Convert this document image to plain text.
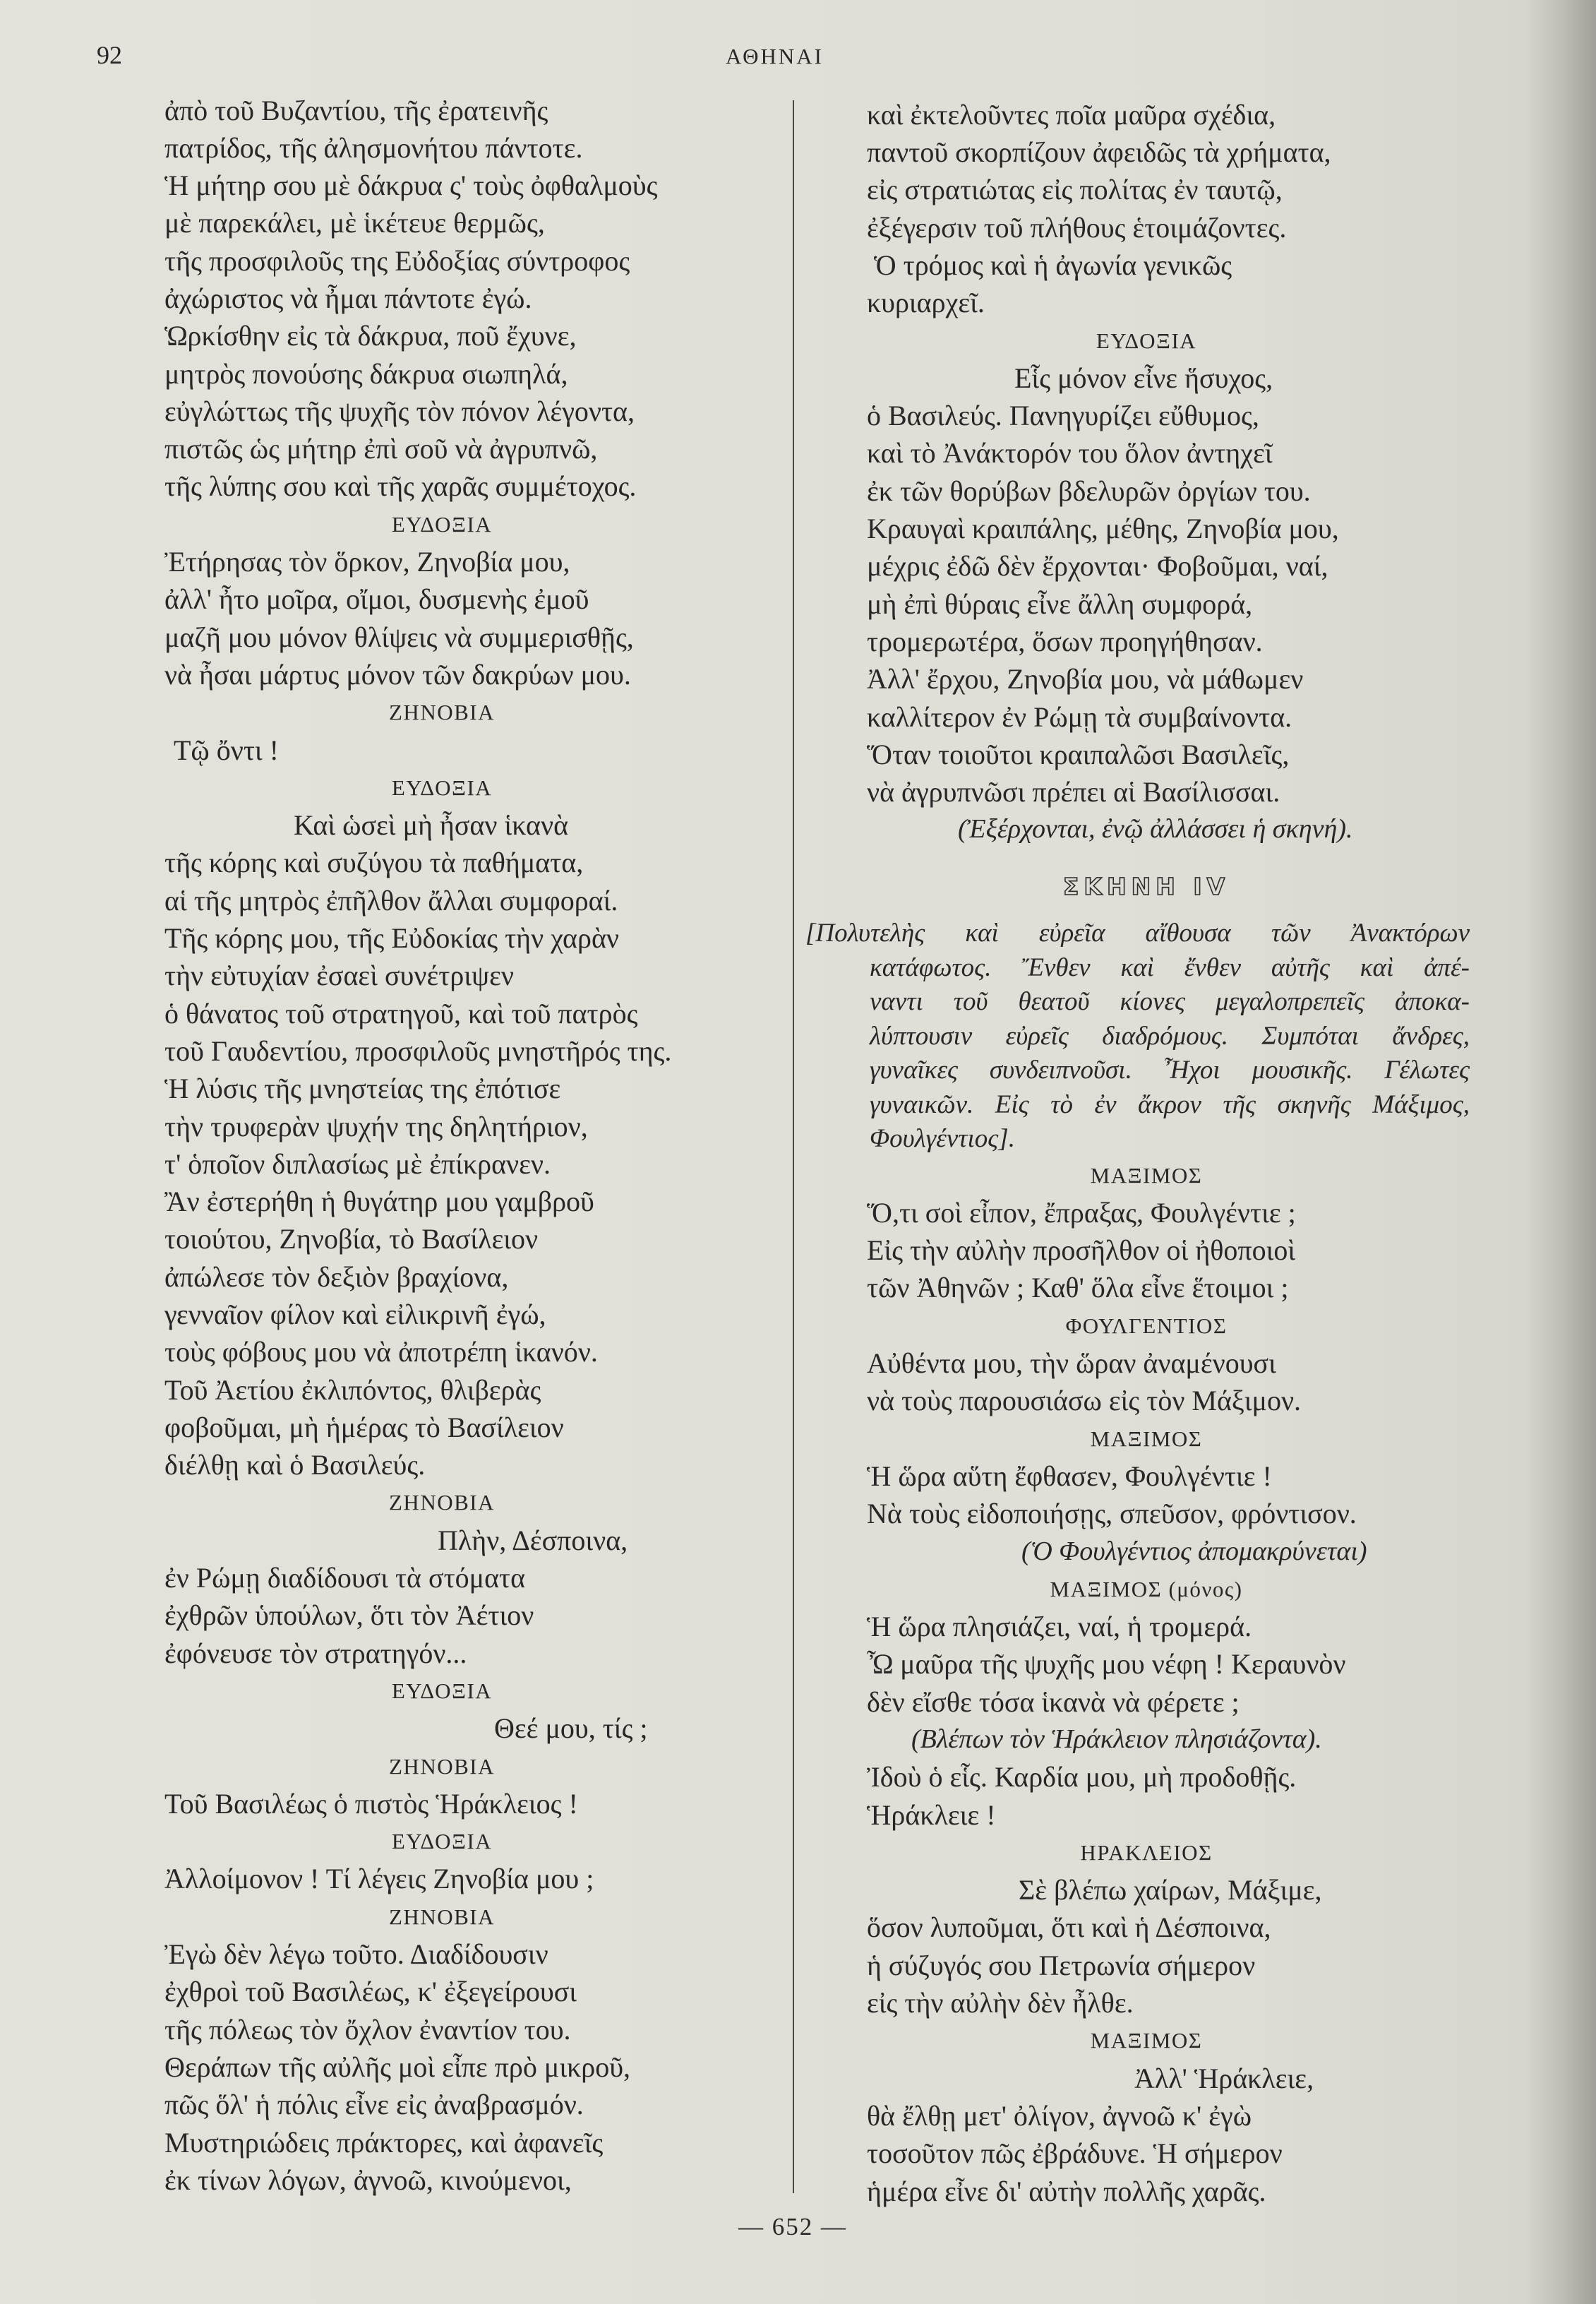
92	ΑΘΗΝΑΙ
ἀπὸ τοῦ Βυζαντίου, τῆς ἐρατεινῆς
πατρίδος, τῆς ἀλησμονήτου πάντοτε.
Ἡ μήτηρ σου μὲ δάκρυα ς' τοὺς ὀφθαλμοὺς
μὲ παρεκάλει, μὲ ἱκέτευε θερμῶς,
τῆς προσφιλοῦς της Εὐδοξίας σύντροφος
ἀχώριστος νὰ ἦμαι πάντοτε ἐγώ.
Ὡρκίσθην εἰς τὰ δάκρυα, ποῦ ἔχυνε,
μητρὸς πονούσης δάκρυα σιωπηλά,
εὐγλώττως τῆς ψυχῆς τὸν πόνον λέγοντα,
πιστῶς ὡς μήτηρ ἐπὶ σοῦ νὰ ἀγρυπνῶ,
τῆς λύπης σου καὶ τῆς χαρᾶς συμμέτοχος.
ΕΥΔΟΞΙΑ
Ἐτήρησας τὸν ὅρκον, Ζηνοβία μου,
ἀλλ' ἦτο μοῖρα, οἴμοι, δυσμενὴς ἐμοῦ
μαζῆ μου μόνον θλίψεις νὰ συμμερισθῇς,
νὰ ἦσαι μάρτυς μόνον τῶν δακρύων μου.
ΖΗΝΟΒΙΑ
Τῷ ὄντι !
ΕΥΔΟΞΙΑ
Καὶ ὡσεὶ μὴ ἦσαν ἱκανὰ
τῆς κόρης καὶ συζύγου τὰ παθήματα,
αἱ τῆς μητρὸς ἐπῆλθον ἄλλαι συμφοραί.
Τῆς κόρης μου, τῆς Εὐδοκίας τὴν χαρὰν
τὴν εὐτυχίαν ἐσαεὶ συνέτριψεν
ὁ θάνατος τοῦ στρατηγοῦ, καὶ τοῦ πατρὸς
τοῦ Γαυδεντίου, προσφιλοῦς μνηστῆρός της.
Ἡ λύσις τῆς μνηστείας της ἐπότισε
τὴν τρυφερὰν ψυχήν της δηλητήριον,
τ' ὁποῖον διπλασίως μὲ ἐπίκρανεν.
Ἂν ἐστερήθη ἡ θυγάτηρ μου γαμβροῦ
τοιούτου, Ζηνοβία, τὸ Βασίλειον
ἀπώλεσε τὸν δεξιὸν βραχίονα,
γενναῖον φίλον καὶ εἰλικρινῆ ἐγώ,
τοὺς φόβους μου νὰ ἀποτρέπη ἱκανόν.
Τοῦ Ἀετίου ἐκλιπόντος, θλιβερὰς
φοβοῦμαι, μὴ ἡμέρας τὸ Βασίλειον
διέλθῃ καὶ ὁ Βασιλεύς.
ΖΗΝΟΒΙΑ
Πλὴν, Δέσποινα,
ἐν Ρώμῃ διαδίδουσι τὰ στόματα
ἐχθρῶν ὑπούλων, ὅτι τὸν Ἀέτιον
ἐφόνευσε τὸν στρατηγόν...
ΕΥΔΟΞΙΑ
Θεέ μου, τίς ;
ΖΗΝΟΒΙΑ
Τοῦ Βασιλέως ὁ πιστὸς Ἡράκλειος !
ΕΥΔΟΞΙΑ
Ἀλλοίμονον ! Τί λέγεις Ζηνοβία μου ;
ΖΗΝΟΒΙΑ
Ἐγὼ δὲν λέγω τοῦτο. Διαδίδουσιν
ἐχθροὶ τοῦ Βασιλέως, κ' ἐξεγείρουσι
τῆς πόλεως τὸν ὄχλον ἐναντίον του.
Θεράπων τῆς αὐλῆς μοὶ εἶπε πρὸ μικροῦ,
πῶς ὅλ' ἡ πόλις εἶνε εἰς ἀναβρασμόν.
Μυστηριώδεις πράκτορες, καὶ ἀφανεῖς
ἐκ τίνων λόγων, ἀγνοῶ, κινούμενοι,
καὶ ἐκτελοῦντες ποῖα μαῦρα σχέδια,
παντοῦ σκορπίζουν ἀφειδῶς τὰ χρήματα,
εἰς στρατιώτας εἰς πολίτας ἐν ταυτῷ,
ἐξέγερσιν τοῦ πλήθους ἑτοιμάζοντες.
Ὁ τρόμος καὶ ἡ ἀγωνία γενικῶς
κυριαρχεῖ.
ΕΥΔΟΞΙΑ
Εἷς μόνον εἶνε ἥσυχος,
ὁ Βασιλεύς. Πανηγυρίζει εὔθυμος,
καὶ τὸ Ἀνάκτορόν του ὅλον ἀντηχεῖ
ἐκ τῶν θορύβων βδελυρῶν ὀργίων του.
Κραυγαὶ κραιπάλης, μέθης, Ζηνοβία μου,
μέχρις ἐδῶ δὲν ἔρχονται· Φοβοῦμαι, ναί,
μὴ ἐπὶ θύραις εἶνε ἄλλη συμφορά,
τρομερωτέρα, ὅσων προηγήθησαν.
Ἀλλ' ἔρχου, Ζηνοβία μου, νὰ μάθωμεν
καλλίτερον ἐν Ρώμῃ τὰ συμβαίνοντα.
Ὅταν τοιοῦτοι κραιπαλῶσι Βασιλεῖς,
νὰ ἀγρυπνῶσι πρέπει αἱ Βασίλισσαι.
(Ἐξέρχονται, ἐνῷ ἀλλάσσει ἡ σκηνή).
ΣΚΗΝΗ IV
[Πολυτελὴς καὶ εὐρεῖα αἴθουσα τῶν Ἀνακτόρων
κατάφωτος. Ἔνθεν καὶ ἔνθεν αὐτῆς καὶ ἀπέ-
ναντι τοῦ θεατοῦ κίονες μεγαλοπρεπεῖς ἀποκα-
λύπτουσιν εὐρεῖς διαδρόμους. Συμπόται ἄνδρες,
γυναῖκες συνδειπνοῦσι. Ἦχοι μουσικῆς. Γέλωτες
γυναικῶν. Εἰς τὸ ἐν ἄκρον τῆς σκηνῆς Μάξιμος,
Φουλγέντιος].
ΜΑΞΙΜΟΣ
Ὅ,τι σοὶ εἶπον, ἔπραξας, Φουλγέντιε ;
Εἰς τὴν αὐλὴν προσῆλθον οἱ ἠθοποιοὶ
τῶν Ἀθηνῶν ; Καθ' ὅλα εἶνε ἕτοιμοι ;
ΦΟΥΛΓΕΝΤΙΟΣ
Αὐθέντα μου, τὴν ὥραν ἀναμένουσι
νὰ τοὺς παρουσιάσω εἰς τὸν Μάξιμον.
ΜΑΞΙΜΟΣ
Ἡ ὥρα αὕτη ἔφθασεν, Φουλγέντιε !
Νὰ τοὺς εἰδοποιήσῃς, σπεῦσον, φρόντισον.
(Ὁ Φουλγέντιος ἀπομακρύνεται)
ΜΑΞΙΜΟΣ (μόνος)
Ἡ ὥρα πλησιάζει, ναί, ἡ τρομερά.
Ὦ μαῦρα τῆς ψυχῆς μου νέφη ! Κεραυνὸν
δὲν εἴσθε τόσα ἱκανὰ νὰ φέρετε ;
(Βλέπων τὸν Ἡράκλειον πλησιάζοντα).
Ἰδοὺ ὁ εἷς. Καρδία μου, μὴ προδοθῇς.
Ἡράκλειε !
ΗΡΑΚΛΕΙΟΣ
Σὲ βλέπω χαίρων, Μάξιμε,
ὅσον λυποῦμαι, ὅτι καὶ ἡ Δέσποινα,
ἡ σύζυγός σου Πετρωνία σήμερον
εἰς τὴν αὐλὴν δὲν ἦλθε.
ΜΑΞΙΜΟΣ
Ἀλλ' Ἡράκλειε,
θὰ ἔλθῃ μετ' ὀλίγον, ἀγνοῶ κ' ἐγὼ
τοσοῦτον πῶς ἐβράδυνε. Ἡ σήμερον
ἡμέρα εἶνε δι' αὐτὴν πολλῆς χαρᾶς.
— 652 —
